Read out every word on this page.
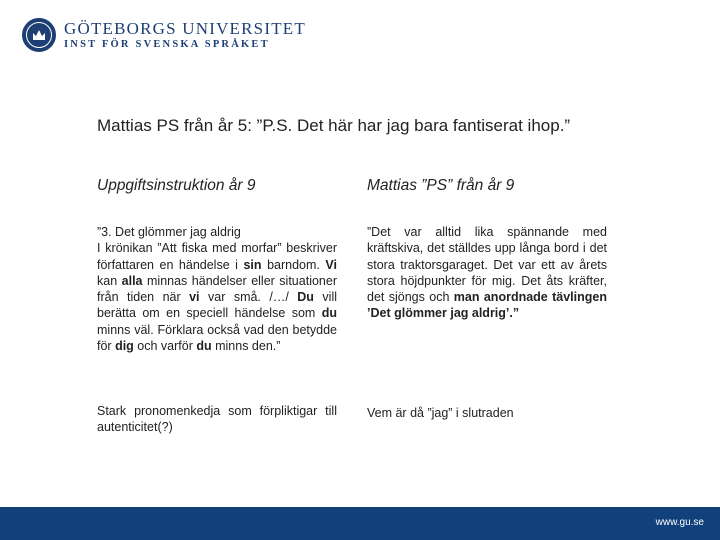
GÖTEBORGS UNIVERSITET
INST FÖR SVENSKA SPRÅKET
Mattias PS från år 5: ”P.S. Det här har jag bara fantiserat ihop.”
Uppgiftsinstruktion år 9
”3. Det glömmer jag aldrig
I krönikan ”Att fiska med morfar” beskriver författaren en händelse i sin barndom. Vi kan alla minnas händelser eller situationer från tiden när vi var små. /…/ Du vill berätta om en speciell händelse som du minns väl. Förklara också vad den betydde för dig och varför du minns den.”
Stark pronomenkedja som förpliktigar till autenticitet(?)
Mattias ”PS” från år 9
”Det var alltid lika spännande med kräftskiva, det ställdes upp långa bord i det stora traktorsgaraget. Det var ett av årets stora höjdpunkter för mig. Det åts kräfter, det sjöngs och man anordnade tävlingen ’Det glömmer jag aldrig’.”
Vem är då ”jag” i slutraden
www.gu.se
